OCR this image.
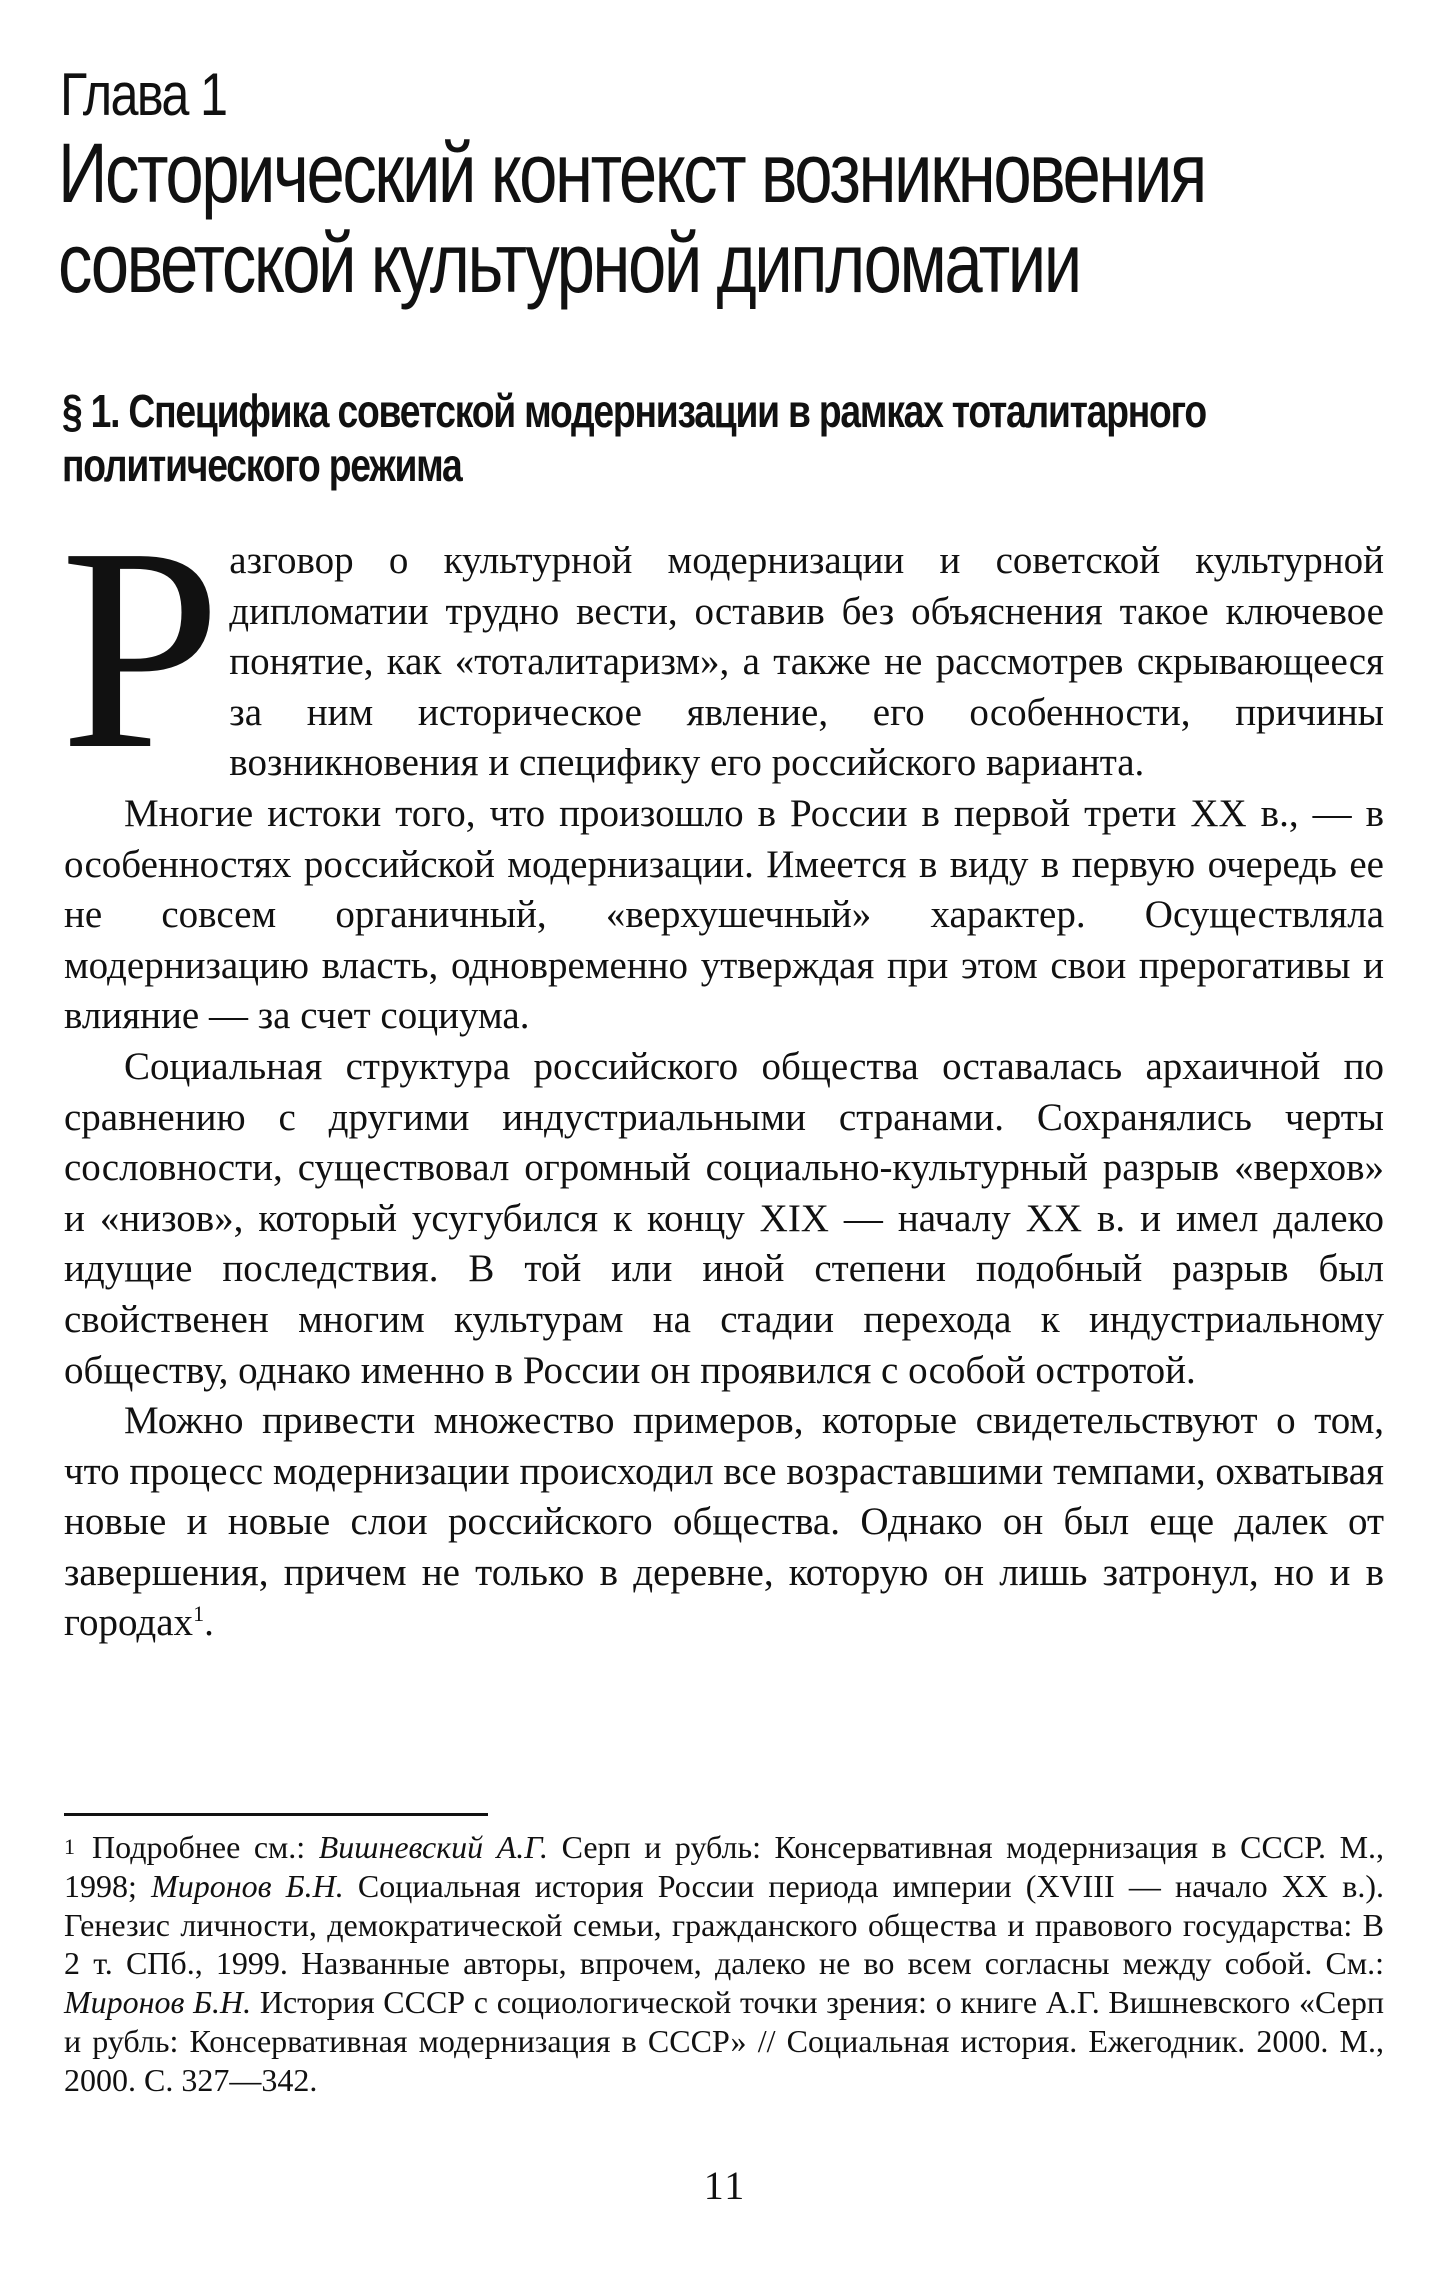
Глава 1
Исторический контекст возникновения
советской культурной дипломатии
§ 1. Специфика советской модернизации в рамках тоталитарного
политического режима

Разговор о культурной модернизации и советской культурной дипломатии трудно вести, оставив без объяснения такое ключевое понятие, как «тоталитаризм», а также не рассмотрев скрывающееся за ним историческое явление, его особенности, причины возникновения и специфику его российского варианта.

Многие истоки того, что произошло в России в первой трети XX в., — в особенностях российской модернизации. Имеется в виду в первую очередь ее не совсем органичный, «верхушечный» характер. Осуществляла модернизацию власть, одновременно утверждая при этом свои прерогативы и влияние — за счет социума.

Социальная структура российского общества оставалась архаичной по сравнению с другими индустриальными странами. Сохранялись черты сословности, существовал огромный социально-культурный разрыв «верхов» и «низов», который усугубился к концу XIX — началу XX в. и имел далеко идущие последствия. В той или иной степени подобный разрыв был свойственен многим культурам на стадии перехода к индустриальному обществу, однако именно в России он проявился с особой остротой.

Можно привести множество примеров, которые свидетельствуют о том, что процесс модернизации происходил все возраставшими темпами, охватывая новые и новые слои российского общества. Однако он был еще далек от завершения, причем не только в деревне, которую он лишь затронул, но и в городах$^1$.

1 Подробнее см.: Вишневский А.Г. Серп и рубль: Консервативная модернизация в СССР. М., 1998; Миронов Б.Н. Социальная история России периода империи (XVIII — начало XX в.). Генезис личности, демократической семьи, гражданского общества и правового государства: В 2 т. СПб., 1999. Названные авторы, впрочем, далеко не во всем согласны между собой. См.: Миронов Б.Н. История СССР с социологической точки зрения: о книге А.Г. Вишневского «Серп и рубль: Консервативная модернизация в СССР» // Социальная история. Ежегодник. 2000. М., 2000. С. 327—342.
11
